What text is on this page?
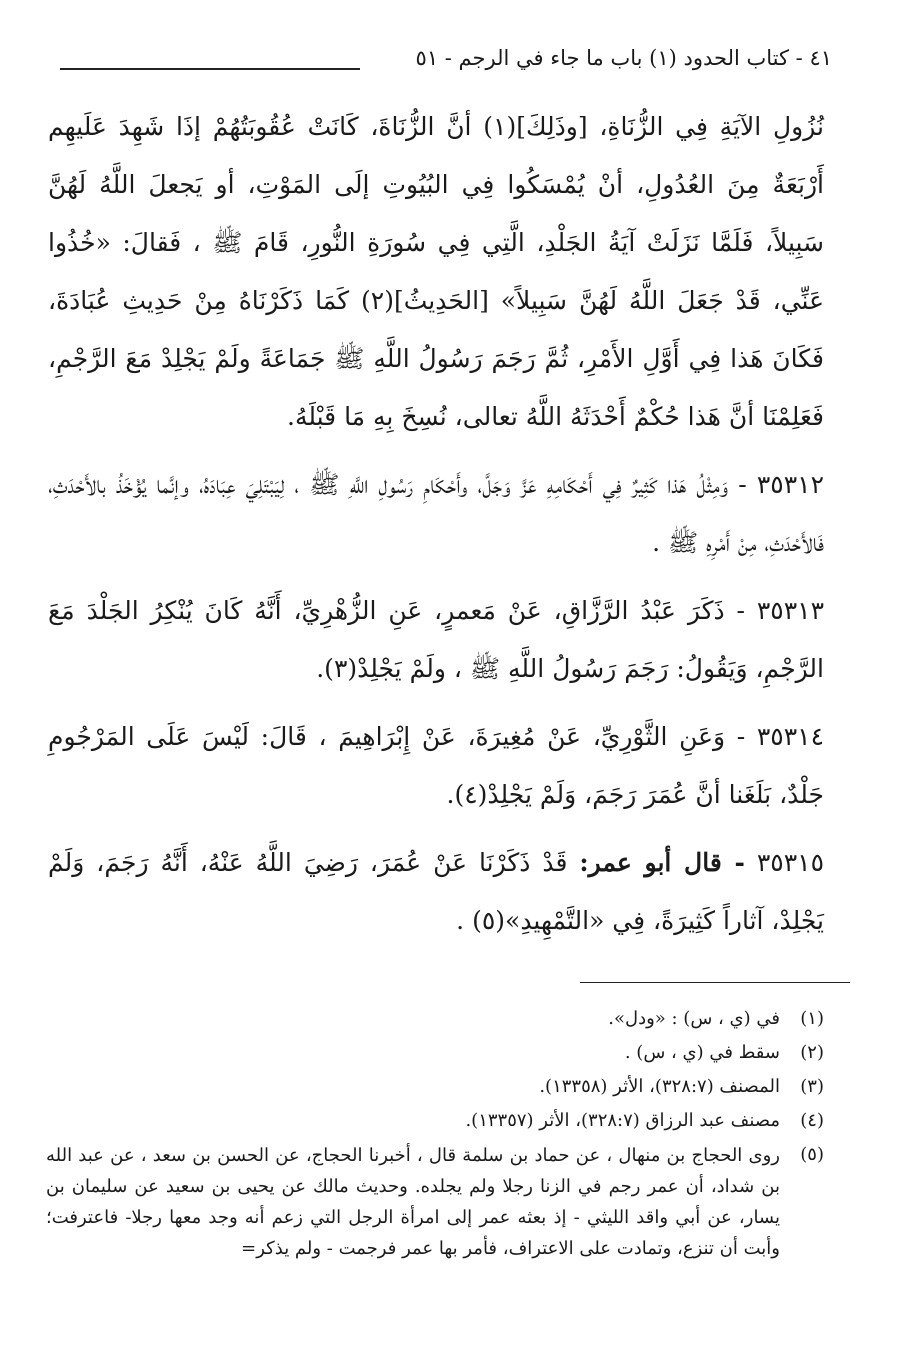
٤١ - كتاب الحدود (١) باب ما جاء في الرجم - ٥١

نُزُولِ الآيَةِ فِي الزُّنَاةِ، [وذَلِكَ](١) أنَّ الزُّنَاةَ، كَانَتْ عُقُوبَتُهُمْ إذَا شَهِدَ عَلَيهِم أَرْبَعَةٌ مِنَ العُدُولِ، أنْ يُمْسَكُوا فِي البُيُوتِ إلَى المَوْتِ، أو يَجعلَ اللَّهُ لَهُنَّ سَبِيلاً، فَلَمَّا نَزَلَتْ آيَةُ الجَلْدِ، الَّتِي فِي سُورَةِ النُّورِ، قَامَ ﷺ ، فَقالَ: «خُذُوا عَنِّي، قَدْ جَعَلَ اللَّهُ لَهُنَّ سَبِيلاً» [الحَدِيثُ](٢) كَمَا ذَكَرْنَاهُ مِنْ حَدِيثِ عُبَادَةَ، فَكَانَ هَذا فِي أَوَّلِ الأَمْرِ، ثُمَّ رَجَمَ رَسُولُ اللَّهِ ﷺ جَمَاعَةً ولَمْ يَجْلِدْ مَعَ الرَّجْمِ، فَعَلِمْنَا أنَّ هَذا حُكْمٌ أَحْدَثَهُ اللَّهُ تعالى، نُسِخَ بِهِ مَا قَبْلَهُ.

٣٥٣١٢ - وَمِثْلُ هَذا كَثِيرٌ فِي أَحْكَامِهِ عَزَّ وَجَلَّ، وأَحْكَامِ رَسُولِ اللَّهِ ﷺ ، لِيَبْتَلِيَ عِبَادَهُ، وإنَّما يُؤْخَذُ بالأَحْدَثِ، فَالأَحْدَثِ، مِنْ أَمْرِهِ ﷺ .

٣٥٣١٣ - ذَكَرَ عَبْدُ الرَّزَّاقِ، عَنْ مَعمرٍ، عَنِ الزُّهْرِيِّ، أَنَّهُ كَانَ يُنْكِرُ الجَلْدَ مَعَ الرَّجْمِ، وَيَقُولُ: رَجَمَ رَسُولُ اللَّهِ ﷺ ، ولَمْ يَجْلِدْ(٣).

٣٥٣١٤ - وَعَنِ الثَّوْرِيِّ، عَنْ مُغِيرَةَ، عَنْ إِبْرَاهِيمَ ، قَالَ: لَيْسَ عَلَى المَرْجُومِ جَلْدٌ، بَلَغَنا أنَّ عُمَرَ رَجَمَ، وَلَمْ يَجْلِدْ(٤).

٣٥٣١٥ - قال أبو عمر: قَدْ ذَكَرْنَا عَنْ عُمَرَ، رَضِيَ اللَّهُ عَنْهُ، أَنَّهُ رَجَمَ، وَلَمْ يَجْلِدْ، آثاراً كَثِيرَةً، فِي «التَّمْهِيدِ»(٥) .

(١)
في (ي ، س) : «ودل».
(٢)
سقط في (ي ، س) .
(٣)
المصنف (٣٢٨:٧)، الأثر (١٣٣٥٨).
(٤)
مصنف عبد الرزاق (٣٢٨:٧)، الأثر (١٣٣٥٧).
(٥)
روى الحجاج بن منهال ، عن حماد بن سلمة قال ، أخبرنا الحجاج، عن الحسن بن سعد ، عن عبد الله بن شداد، أن عمر رجم في الزنا رجلا ولم يجلده. وحديث مالك عن يحيى بن سعيد عن سليمان بن يسار، عن أبي واقد الليثي - إذ بعثه عمر إلى امرأة الرجل التي زعم أنه وجد معها رجلا- فاعترفت؛ وأبت أن تنزع، وتمادت على الاعتراف، فأمر بها عمر فرجمت - ولم يذكر=
